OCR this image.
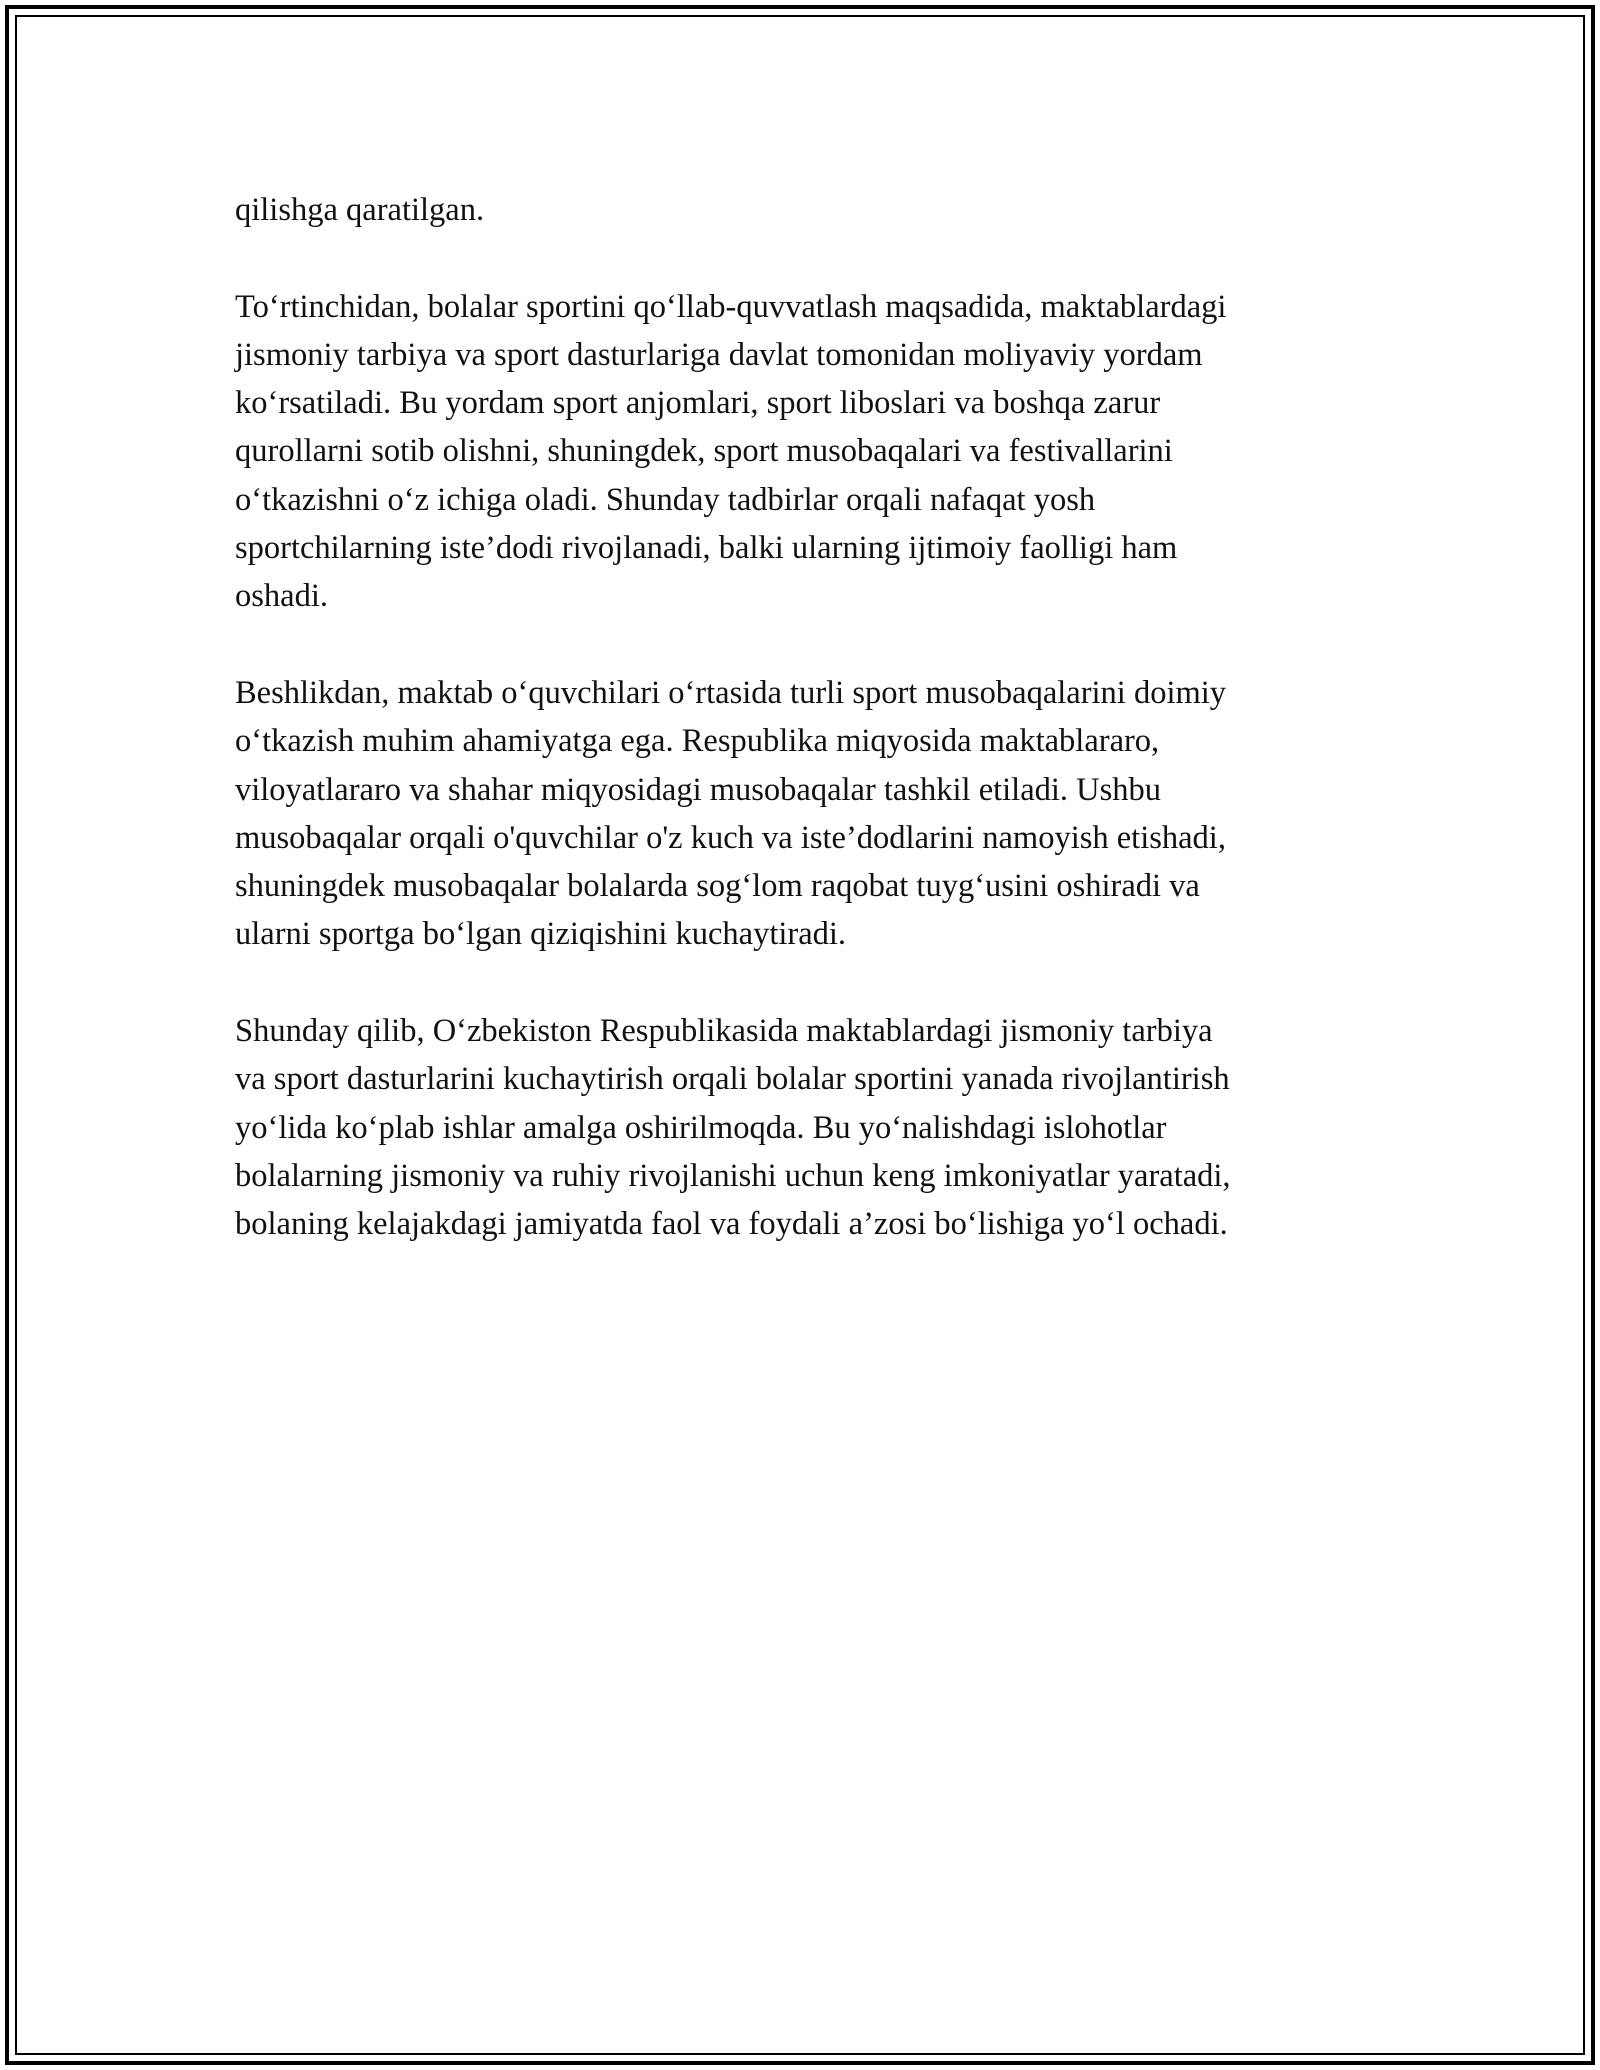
qilishga qaratilgan.

To‘rtinchidan, bolalar sportini qo‘llab-quvvatlash maqsadida, maktablardagi
jismoniy tarbiya va sport dasturlariga davlat tomonidan moliyaviy yordam
ko‘rsatiladi. Bu yordam sport anjomlari, sport liboslari va boshqa zarur
qurollarni sotib olishni, shuningdek, sport musobaqalari va festivallarini
o‘tkazishni o‘z ichiga oladi. Shunday tadbirlar orqali nafaqat yosh
sportchilarning iste’dodi rivojlanadi, balki ularning ijtimoiy faolligi ham
oshadi.

Beshlikdan, maktab o‘quvchilari o‘rtasida turli sport musobaqalarini doimiy
o‘tkazish muhim ahamiyatga ega. Respublika miqyosida maktablararo,
viloyatlararo va shahar miqyosidagi musobaqalar tashkil etiladi. Ushbu
musobaqalar orqali o'quvchilar o'z kuch va iste’dodlarini namoyish etishadi,
shuningdek musobaqalar bolalarda sog‘lom raqobat tuyg‘usini oshiradi va
ularni sportga bo‘lgan qiziqishini kuchaytiradi.

Shunday qilib, O‘zbekiston Respublikasida maktablardagi jismoniy tarbiya
va sport dasturlarini kuchaytirish orqali bolalar sportini yanada rivojlantirish
yo‘lida ko‘plab ishlar amalga oshirilmoqda. Bu yo‘nalishdagi islohotlar
bolalarning jismoniy va ruhiy rivojlanishi uchun keng imkoniyatlar yaratadi,
bolaning kelajakdagi jamiyatda faol va foydali a’zosi bo‘lishiga yo‘l ochadi.
